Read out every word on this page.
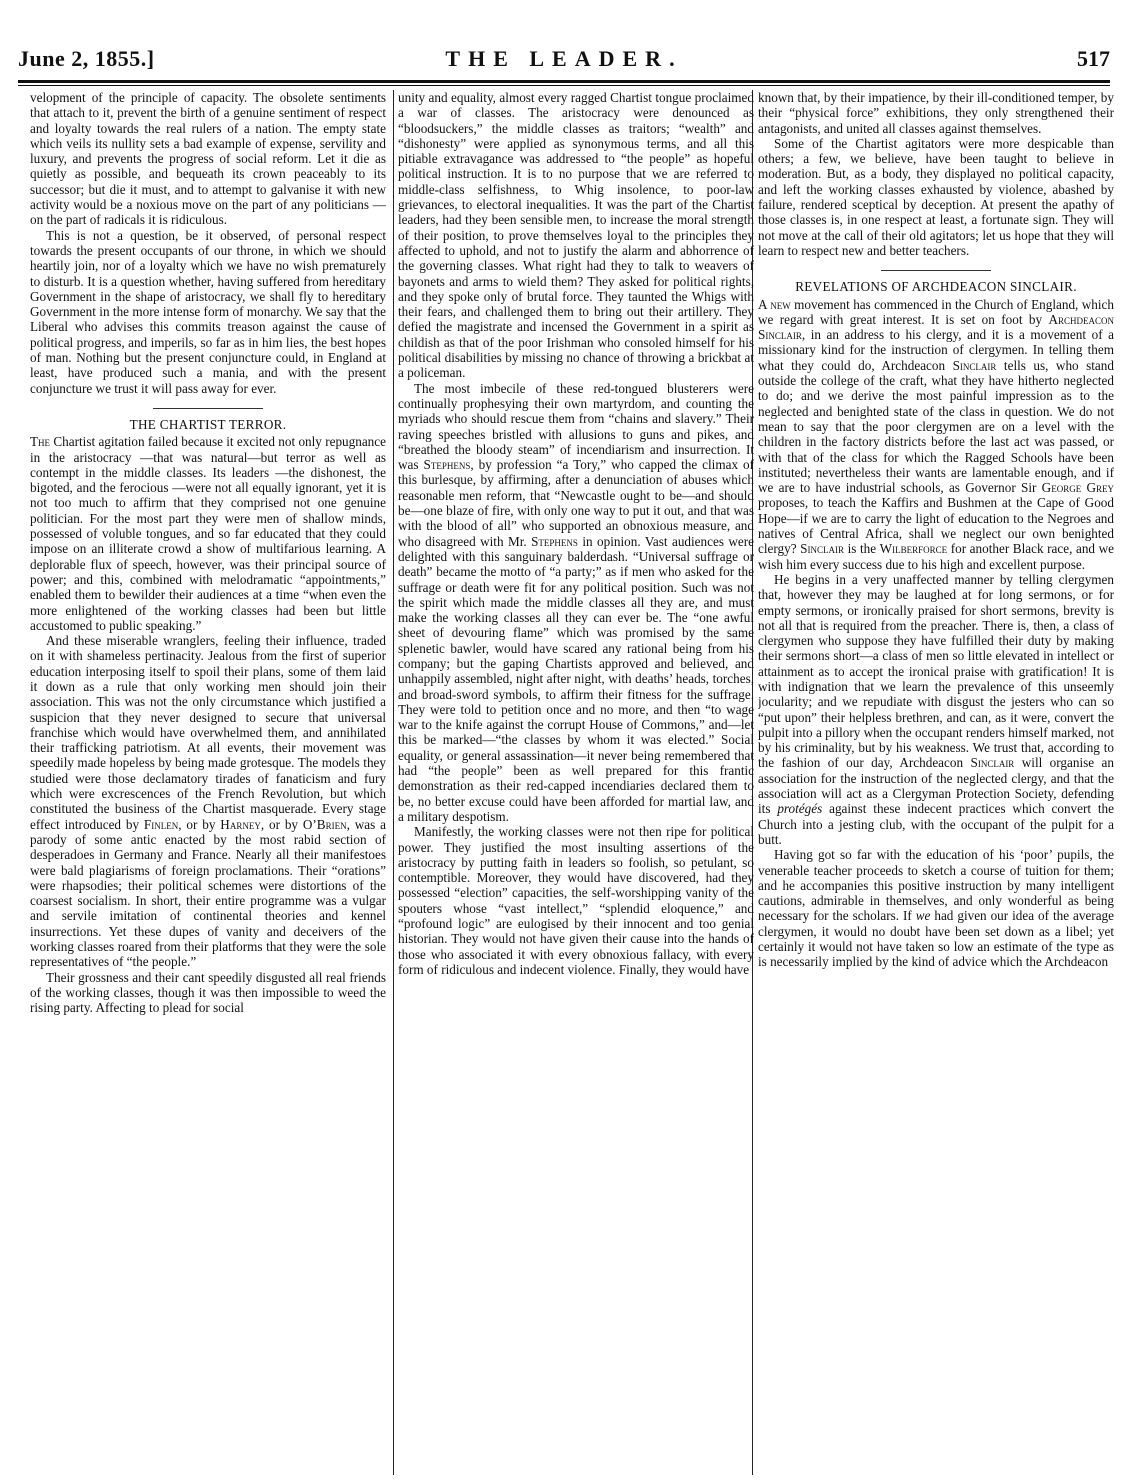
June 2, 1855.]	THE LEADER.	517

velopment of the principle of capacity. The obsolete sentiments that attach to it, prevent the birth of a genuine sentiment of respect and loyalty towards the real rulers of a nation. The empty state which veils its nullity sets a bad example of expense, servility and luxury, and prevents the progress of social reform. Let it die as quietly as possible, and bequeath its crown peaceably to its successor; but die it must, and to attempt to galvanise it with new activity would be a noxious move on the part of any politicians —on the part of radicals it is ridiculous.

This is not a question, be it observed, of personal respect towards the present occupants of our throne, in which we should heartily join, nor of a loyalty which we have no wish prematurely to disturb. It is a question whether, having suffered from hereditary Government in the shape of aristocracy, we shall fly to hereditary Government in the more intense form of monarchy. We say that the Liberal who advises this commits treason against the cause of political progress, and imperils, so far as in him lies, the best hopes of man. Nothing but the present conjuncture could, in England at least, have produced such a mania, and with the present conjuncture we trust it will pass away for ever.

THE CHARTIST TERROR.

The Chartist agitation failed because it excited not only repugnance in the aristocracy —that was natural—but terror as well as contempt in the middle classes. Its leaders —the dishonest, the bigoted, and the ferocious —were not all equally ignorant, yet it is not too much to affirm that they comprised not one genuine politician. For the most part they were men of shallow minds, possessed of voluble tongues, and so far educated that they could impose on an illiterate crowd a show of multifarious learning. A deplorable flux of speech, however, was their principal source of power; and this, combined with melodramatic “appointments,” enabled them to bewilder their audiences at a time “when even the more enlightened of the working classes had been but little accustomed to public speaking.”

And these miserable wranglers, feeling their influence, traded on it with shameless pertinacity. Jealous from the first of superior education interposing itself to spoil their plans, some of them laid it down as a rule that only working men should join their association. This was not the only circumstance which justified a suspicion that they never designed to secure that universal franchise which would have overwhelmed them, and annihilated their trafficking patriotism. At all events, their movement was speedily made hopeless by being made grotesque. The models they studied were those declamatory tirades of fanaticism and fury which were excrescences of the French Revolution, but which constituted the business of the Chartist masquerade. Every stage effect introduced by Finlen, or by Harney, or by O’Brien, was a parody of some antic enacted by the most rabid section of desperadoes in Germany and France. Nearly all their manifestoes were bald plagiarisms of foreign proclamations. Their “orations” were rhapsodies; their political schemes were distortions of the coarsest socialism. In short, their entire programme was a vulgar and servile imitation of continental theories and kennel insurrections. Yet these dupes of vanity and deceivers of the working classes roared from their platforms that they were the sole representatives of “the people.”

Their grossness and their cant speedily disgusted all real friends of the working classes, though it was then impossible to weed the rising party. Affecting to plead for social

unity and equality, almost every ragged Chartist tongue proclaimed a war of classes. The aristocracy were denounced as “bloodsuckers,” the middle classes as traitors; “wealth” and “dishonesty” were applied as synonymous terms, and all this pitiable extravagance was addressed to “the people” as hopeful political instruction. It is to no purpose that we are referred to middle-class selfishness, to Whig insolence, to poor-law grievances, to electoral inequalities. It was the part of the Chartist leaders, had they been sensible men, to increase the moral strength of their position, to prove themselves loyal to the principles they affected to uphold, and not to justify the alarm and abhorrence of the governing classes. What right had they to talk to weavers of bayonets and arms to wield them? They asked for political rights, and they spoke only of brutal force. They taunted the Whigs with their fears, and challenged them to bring out their artillery. They defied the magistrate and incensed the Government in a spirit as childish as that of the poor Irishman who consoled himself for his political disabilities by missing no chance of throwing a brickbat at a policeman.

The most imbecile of these red-tongued blusterers were continually prophesying their own martyrdom, and counting the myriads who should rescue them from “chains and slavery.” Their raving speeches bristled with allusions to guns and pikes, and “breathed the bloody steam” of incendiarism and insurrection. It was Stephens, by profession “a Tory,” who capped the climax of this burlesque, by affirming, after a denunciation of abuses which reasonable men reform, that “Newcastle ought to be—and should be—one blaze of fire, with only one way to put it out, and that was with the blood of all” who supported an obnoxious measure, and who disagreed with Mr. Stephens in opinion. Vast audiences were delighted with this sanguinary balderdash. “Universal suffrage or death” became the motto of “a party;” as if men who asked for the suffrage or death were fit for any political position. Such was not the spirit which made the middle classes all they are, and must make the working classes all they can ever be. The “one awful sheet of devouring flame” which was promised by the same splenetic bawler, would have scared any rational being from his company; but the gaping Chartists approved and believed, and unhappily assembled, night after night, with deaths’ heads, torches, and broad-sword symbols, to affirm their fitness for the suffrage. They were told to petition once and no more, and then “to wage war to the knife against the corrupt House of Commons,” and—let this be marked—“the classes by whom it was elected.” Social equality, or general assassination—it never being remembered that had “the people” been as well prepared for this frantic demonstration as their red-capped incendiaries declared them to be, no better excuse could have been afforded for martial law, and a military despotism.

Manifestly, the working classes were not then ripe for political power. They justified the most insulting assertions of the aristocracy by putting faith in leaders so foolish, so petulant, so contemptible. Moreover, they would have discovered, had they possessed “election” capacities, the self-worshipping vanity of the spouters whose “vast intellect,” “splendid eloquence,” and “profound logic” are eulogised by their innocent and too genial historian. They would not have given their cause into the hands of those who associated it with every obnoxious fallacy, with every form of ridiculous and indecent violence. Finally, they would have

known that, by their impatience, by their ill-conditioned temper, by their “physical force” exhibitions, they only strengthened their antagonists, and united all classes against themselves.

Some of the Chartist agitators were more despicable than others; a few, we believe, have been taught to believe in moderation. But, as a body, they displayed no political capacity, and left the working classes exhausted by violence, abashed by failure, rendered sceptical by deception. At present the apathy of those classes is, in one respect at least, a fortunate sign. They will not move at the call of their old agitators; let us hope that they will learn to respect new and better teachers.

REVELATIONS OF ARCHDEACON SINCLAIR.

A new movement has commenced in the Church of England, which we regard with great interest. It is set on foot by Archdeacon Sinclair, in an address to his clergy, and it is a movement of a missionary kind for the instruction of clergymen. In telling them what they could do, Archdeacon Sinclair tells us, who stand outside the college of the craft, what they have hitherto neglected to do; and we derive the most painful impression as to the neglected and benighted state of the class in question. We do not mean to say that the poor clergymen are on a level with the children in the factory districts before the last act was passed, or with that of the class for which the Ragged Schools have been instituted; nevertheless their wants are lamentable enough, and if we are to have industrial schools, as Governor Sir George Grey proposes, to teach the Kaffirs and Bushmen at the Cape of Good Hope—if we are to carry the light of education to the Negroes and natives of Central Africa, shall we neglect our own benighted clergy? Sinclair is the Wilberforce for another Black race, and we wish him every success due to his high and excellent purpose.

He begins in a very unaffected manner by telling clergymen that, however they may be laughed at for long sermons, or for empty sermons, or ironically praised for short sermons, brevity is not all that is required from the preacher. There is, then, a class of clergymen who suppose they have fulfilled their duty by making their sermons short—a class of men so little elevated in intellect or attainment as to accept the ironical praise with gratification! It is with indignation that we learn the prevalence of this unseemly jocularity; and we repudiate with disgust the jesters who can so “put upon” their helpless brethren, and can, as it were, convert the pulpit into a pillory when the occupant renders himself marked, not by his criminality, but by his weakness. We trust that, according to the fashion of our day, Archdeacon Sinclair will organise an association for the instruction of the neglected clergy, and that the association will act as a Clergyman Protection Society, defending its protégés against these indecent practices which convert the Church into a jesting club, with the occupant of the pulpit for a butt.

Having got so far with the education of his ‘poor’ pupils, the venerable teacher proceeds to sketch a course of tuition for them; and he accompanies this positive instruction by many intelligent cautions, admirable in themselves, and only wonderful as being necessary for the scholars. If we had given our idea of the average clergymen, it would no doubt have been set down as a libel; yet certainly it would not have taken so low an estimate of the type as is necessarily implied by the kind of advice which the Archdeacon
